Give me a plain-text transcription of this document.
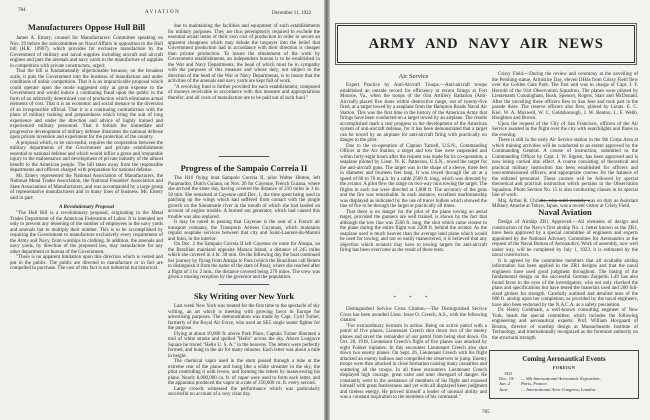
784	AVIATION	December 11, 1922
Manufacturers Oppose Hull Bill

James A. Emery, counsel for Manufacturers' Committee speaking on Nov. 29 before the subcommittee on Naval Affairs in opposition to the Hull bill (H.R. 10967), which provides for exclusive manufacture by the Government of military and naval supplies including aircraft and aircraft engines and puts the arsenals and navy yards in the manufacture of supplies in competition with private constructors, urged:

That the bill is fundamentally objectionable because, on the broadest scale, it puts the Government into the business of manufacture and under conditions of unfair competition. That it is an impracticable proposal which could operate upon the mode suggested only at great expense to the Government and would induce a continuing fraud upon the public in the form of an arbitrarily determined cost of production which eliminates actual elements of cost. That it is an economic and social menace to the diversion of an irresponsible official. That it is a continuing contradiction with the plans of military training and preparedness which bring the suit of long experience and under the direction and advice of highly trained and experienced military personnel. That it forbids the immediate and progressive development of military defense illustrates the national defense upon private invention and experiment for the protection of the country.

A proposal which, to be successful, requires the cooperation between the military departments of the Government and private establishments essential to national defense and which would inflict a grave and irreparable injury to the maintenance and development of private industry of the almost benefit to the American people. The bill takes away from the responsible departments and officers charged with preparation for national defense.

Mr. Emery represented the National Association of Manufacturers, the National Metal Trades Association, the National Founders' Association and State Associations of Manufacturers, and was accompanied by a large group of representative manufacturers and in many lines of business. Mr. Emery said in part:

A Revolutionary Proposal

"The Hull Bill is a revolutionary proposal, originating in the Metal Trades Department of the American Federation of Labor. It is intended not only to prevent any lessening of the number of employees in the navy yards and arsenals but to multiply their number. This is to be accomplished by requiring the Government to manufacture exclusively every requirement of the Army and Navy, from warships to clothing. In addition, the arsenals and navy yards, by direction of the proposed law, may manufacture for any other department or bureau of the Government.

"There is no apparent limitation upon this direction which is vested and put in the public. The public are directed to manufacture or in fact are compelled to purchase. The cost of this fact is not industrial but historical.

due to maintaining the facilities and equipment of such establishments for military purposes. They are thus peremptorily required to exclude the essential actual items of their own cost of production in order to secure an apparent cheapness which may delude the taxpayer into the belief that Government production had in accordance with their direction is cheaper than private production. To insure the obtainment of the work by Government establishments, an independent bureau is to be established in the War and Navy Departments, the head of which must be in sympathy with the purposes of this measure and whose duty, not subject to the direction of the head of the War or Navy Departments, is to insure that the activities of the arsenals and navy yards are kept full of work.

"A revolving fund is further provided for each establishment, composed of moneys receivable in accordance with this measure and appropriations therefor, and all costs of manufacture are to be paid out of such fund."

Progress of the Sampaio Correia II

The H16 flying boat Sampaio Correia II, pilot Walter Hinton, left Paramaribo, Dutch Guiana, on Nov. 26 for Cayenne, French Guiana, where she arrived the same day, having covered the distance of 210 miles in 3 hr. 50 min. She remained at Cayenne until Dec. 1, the time spent being used in patching up the wings which had suffered from contact with the jungle growth on the Sinnamarie river in the mouth of which she had landed on account of engine trouble. A burned out generator, which had caused this trouble was also replaced.

It may be noted in passing that Cayenne is the seat of a French air transport company, the Transports Aériens Guyanais, which maintains regular seaplane services between that city and Saint-Laurent-du-Maroni and Inini, in the interior.

On Dec. 2 the Sampaio Correia II left Cayenne en route for Amapa, on the Brazilian mainland opposite Maraca Island, a distance of 245 miles which she covered in 4 hr. 38 min. On the following day the boat continued her journey by flying from Amapa to Para (which the Brazilians call Belem to distinguish it from the name of the state of Para), where she reached after a flight of 3 hr. 2 min., the distance covered being 270 miles. The crew was given a rousing reception by the governor and the population.

Sky Writing over New York

Last week New York was treated for the first time to the spectacle of sky writing, an art which is meeting with growing favor in Europe for advertising purposes. The demonstration was made by Capt. Cyril Turner, formerly of the Royal Air Force, who used an SE5 single seater fighter for the purpose.

Flying at about 10,000 ft. above Park Place, Captain Turner liberated a trail of white smoke and spelled "Hello" across the sky. Above Longacre Square he traced "Hello U. S. A." in the heavens. The letters were perfectly formed, and hung in the air for many minutes. Each letter was about a mile in height.

The chemical vapor used in the stunt passed through a tube at the extreme rear of the plane and hung like a white streamer in the sky, the pilot controlling it with levers, and forming the letters by maneuvering his plane. Nearly 8,000,000 cu. ft. of vapor were used to form each letter, and the apparatus produced the vapor at a rate of 250,000 cu. ft. every second.

Large crowds witnessed the performance which was particularly successful on account of a very clear day.

ARMY AND NAVY AIR NEWS
Air Service

Expert Practice by Anti-Aircraft Troops.—Anti-aircraft troops established an outside record for efficiency at recent firings at Fort Monroe, Va., when the troops of the 61st Artillery Battalion (Anti-Aircraft) placed five shots within destructive range, out of twenty-five fired, at a target towed by a seaplane from the Hampton Roads Naval Air Station. This was the first time in the history of the American Army that firings have been conducted on a target towed by an airplane. The results accomplished mark a real progress in the development of the American system of anti-aircraft defense, for it has been demonstrated that a target can be towed by an airplane for anti-aircraft firing with practically no danger to the pilot.

Due to the co-operation of Captain Yarnell, U.S.N., Commanding Officer at the Air Station, a target and tow line were suspended and within forty-eight hours after the request was made for its co-operation, a seaplane piloted by Lieut. W. K. Patterson, U.S.N., towed the target for the anti-aircraft guns. The target was in the shape of a sleeve, three feet in diameter and fourteen feet long. It was towed through the air at a speed of 60 to 70 m.p.h. by a cable 2500 ft. long, which was directed by the aviator. A pilot flew the range on two-way runs towing the target. The flights in each run were directed at 1,000 ft. The accuracy of the guns and the fire was remarkable. In each instance, excellent marksmanship was displayed as indicated by the use of tracer bullets which showed the line of fire to be through the target at practically all times.

That there is no danger for the pilot of the plane towing an aerial target, provided the gunners are well trained, is shown by the fact that although the tow line was 2500 ft. long, the shot which came closest to the plane during the entire flight was 2200 ft. behind the aviator. As the seaplane used is much heavier than the average land plane which would be used for towing, and not so easily maneuvered, it is believed that any objection which aviators may have to towing targets for anti-aircraft firing has been overcome as the result of these tests.

* * *

Distinguished Service Cross Citation.—The Distinguished Service Cross has been awarded Lieut. Jesse O. Creech, A.S., with the following citation:

"For extraordinary heroism in action. Being on active patrol with a patrol of five planes, Lieutenant Creech shot down two of the enemy planes and saved the remainder of our patrol from being shot down. On Oct. 28, 1918, Lieutenant Creech's flight of five planes was attacked by eight Fokker biplanes. In this encounter Lieutenant Creech also shot down two enemy planes. On Sept. 26, Lieutenant Creech with his flight attacked an enemy balloon and compelled the observers to jump. Enemy troops were then attacked in close formation causing many casualties and scattering all the troops. In all these encounters Lieutenant Creech displayed high courage, great valor and utter disregard of danger. He constantly went to the assistance of members of his flight and exposed himself with great fearlessness and yet with all displayed keen judgment and tireless energy. He proved himself a leader of unusual ability and was a constant inspiration to the members of his command."

Crissy Field.—During the review and ceremony at the unveiling of the Pershing statue, Armistice Day, eleven DH4s from Crissy Field flew over the Golden Gate Park. The first unit was in charge of Capt. J. F. Herrold of the 91st Observation Squadron. The planes were piloted by Lieutenants Cunningham, Bush, Spencer, Rogers, Starr and McDonald. After the unveiling these officers flew to San Jose and took part in the parade there. The reserve officers also flew, piloted by Lieuts. E. C. Kiel, W. A. Maxwell, W. C. Goldsborough, J. W. Benton, L. F. Webb, Houghton and Brown.

Upon the request of the City of San Francisco, officers of the Air Service assisted in the flight over the city with searchlights and flares in the evening.

There is still in the early Air Service station in the 9th Corps Area at which training activities will be conducted to an extent approved by the Commanding General. A course of instruction, submitted to the Commanding Officer by Capt. J. W. Sigrest, has been approved and is now being carried into effect. A course consisting of theoretical and practical military instruction has been established for officers and noncommissioned officers, and appropriate courses for the balance of the enlisted personnel. These courses will be followed by special theoretical and practical instruction which pertains to the Observation Squadron. Photo Section No. 15 is also conducting classes in its special line of work.

Maj. Arthur R. Christie, who until recently was on duty as Assistant Military Attaché at Tokyo, Japan, was a recent visitor at Crissy Field.

Naval Aviation

Design of Airship ZR1 Approved.—All elements of design and construction of the Navy's first airship No. 1, better known as the ZR1, have been approved by a special committee of engineers and experts appointed by the National Advisory Committee for Aeronautics at the request of the Naval Bureau of Aeronautics. Work of assembly, now well under way, will be completed by July 1, 1923, it is estimated by the naval constructors.

It is agreed by the committee members that all available airship information has been applied in the ZR1 designs and that the naval engineers have used good judgment throughout. The basing of the fundamental design on the successful German Zeppelin L49 has also found favor in the eyes of the investigators, who not only checked the plans and specifications but have tested the materials used and 200 full-sized girders for strength. Carefully outlined and detailed tests of the 680 ft. airship upon her completion, as provided by the naval engineers, have also been endorsed by the N.A.C.A. as a safety precaution.

Dr. Henry Goldmark, a well-known consulting engineer of New York, heads the special committee, which includes the following engineering and aeronautical experts: Prof. William Hovgaard of Boston, director of warship design at Massachusetts Institute of Technology, and internationally recognized as the foremost authority on the structural strength

Coming Aeronautical Events
FOREIGN
1923
Dec. 15-	— 8th International Aeronautic Exposition,
Jan. 2	Paris, France.
June	— International Aero Congress, London.
785
